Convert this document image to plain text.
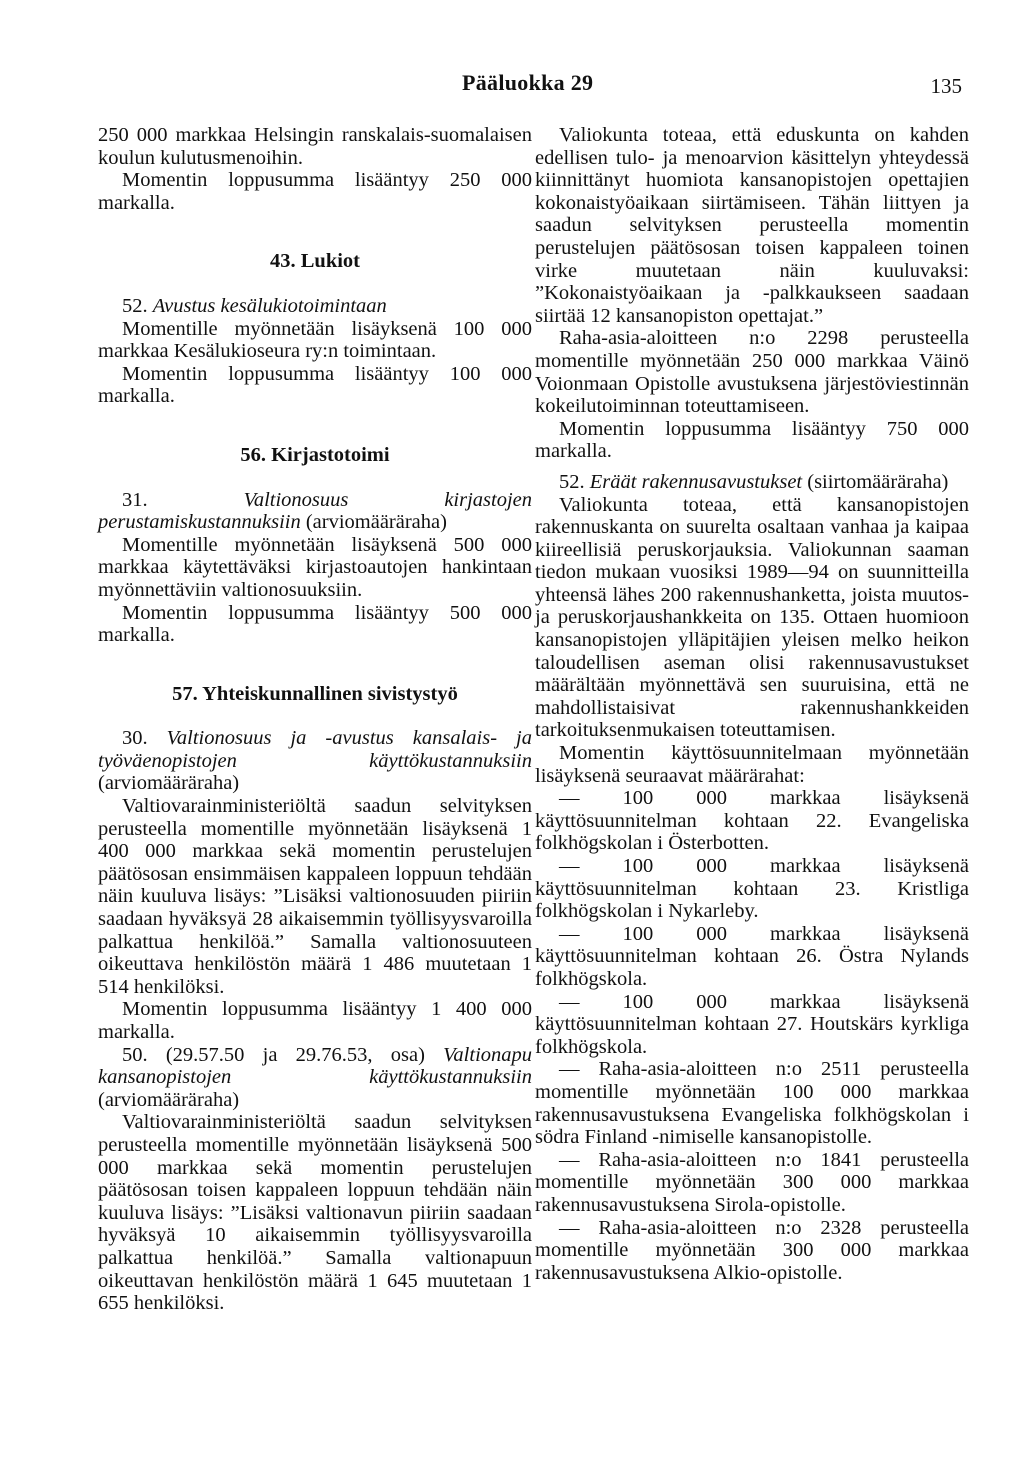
Pääluokka 29	135

250 000 markkaa Helsingin ranskalais-suomalaisen koulun kulutusmenoihin.

Momentin loppusumma lisääntyy 250 000 markalla.

43. Lukiot

52. Avustus kesälukiotoimintaan

Momentille myönnetään lisäyksenä 100 000 markkaa Kesälukioseura ry:n toimintaan.

Momentin loppusumma lisääntyy 100 000 markalla.

56. Kirjastotoimi

31.	Valtionosuus kirjastojen perustamiskustannuksiin (arviomääräraha)

Momentille myönnetään lisäyksenä 500 000 markkaa käytettäväksi kirjastoautojen hankintaan myönnettäviin valtionosuuksiin.

Momentin loppusumma lisääntyy 500 000 markalla.

57. Yhteiskunnallinen sivistystyö

30. Valtionosuus ja -avustus kansalais- ja työväenopistojen käyttökustannuksiin (arviomääräraha)

Valtiovarainministeriöltä saadun selvityksen perusteella momentille myönnetään lisäyksenä 1 400 000 markkaa sekä momentin perustelujen päätösosan ensimmäisen kappaleen loppuun tehdään näin kuuluva lisäys: ”Lisäksi valtionosuuden piiriin saadaan hyväksyä 28 aikaisemmin työllisyysvaroilla palkattua henkilöä.” Samalla valtionosuuteen oikeuttava henkilöstön määrä 1 486 muutetaan 1 514 henkilöksi.

Momentin loppusumma lisääntyy 1 400 000 markalla.

50. (29.57.50 ja 29.76.53, osa) Valtionapu kansanopistojen käyttökustannuksiin (arviomääräraha)

Valtiovarainministeriöltä saadun selvityksen perusteella momentille myönnetään lisäyksenä 500 000 markkaa sekä momentin perustelujen päätösosan toisen kappaleen loppuun tehdään näin kuuluva lisäys: ”Lisäksi valtionavun piiriin saadaan hyväksyä 10 aikaisemmin työllisyysvaroilla palkattua henkilöä.” Samalla valtionapuun oikeuttavan henkilöstön määrä 1 645 muutetaan 1 655 henkilöksi.

Valiokunta toteaa, että eduskunta on kahden edellisen tulo- ja menoarvion käsittelyn yhteydessä kiinnittänyt huomiota kansanopistojen opettajien kokonaistyöaikaan siirtämiseen. Tähän liittyen ja saadun selvityksen perusteella momentin perustelujen päätösosan toisen kappaleen toinen virke muutetaan näin kuuluvaksi: ”Kokonaistyöaikaan ja -palkkaukseen saadaan siirtää 12 kansanopiston opettajat.”

Raha-asia-aloitteen n:o 2298 perusteella momentille myönnetään 250 000 markkaa Väinö Voionmaan Opistolle avustuksena järjestöviestinnän kokeilutoiminnan toteuttamiseen.

Momentin loppusumma lisääntyy 750 000 markalla.

52. Eräät rakennusavustukset (siirtomääräraha)

Valiokunta toteaa, että kansanopistojen rakennuskanta on suurelta osaltaan vanhaa ja kaipaa kiireellisiä peruskorjauksia. Valiokunnan saaman tiedon mukaan vuosiksi 1989—94 on suunnitteilla yhteensä lähes 200 rakennushanketta, joista muutos- ja peruskorjaushankkeita on 135. Ottaen huomioon kansanopistojen ylläpitäjien yleisen melko heikon taloudellisen aseman olisi rakennusavustukset määrältään myönnettävä sen suuruisina, että ne mahdollistaisivat rakennushankkeiden tarkoituksenmukaisen toteuttamisen.

Momentin käyttösuunnitelmaan myönnetään lisäyksenä seuraavat määrärahat:

— 100 000 markkaa lisäyksenä käyttösuunnitelman kohtaan 22. Evangeliska folkhögskolan i Österbotten.

— 100 000 markkaa lisäyksenä käyttösuunnitelman kohtaan 23. Kristliga folkhögskolan i Nykarleby.

— 100 000 markkaa lisäyksenä käyttösuunnitelman kohtaan 26. Östra Nylands folkhögskola.

— 100 000 markkaa lisäyksenä käyttösuunnitelman kohtaan 27. Houtskärs kyrkliga folkhögskola.

— Raha-asia-aloitteen n:o 2511 perusteella momentille myönnetään 100 000 markkaa rakennusavustuksena Evangeliska folkhögskolan i södra Finland -nimiselle kansanopistolle.

— Raha-asia-aloitteen n:o 1841 perusteella momentille myönnetään 300 000 markkaa rakennusavustuksena Sirola-opistolle.

— Raha-asia-aloitteen n:o 2328 perusteella momentille myönnetään 300 000 markkaa rakennusavustuksena Alkio-opistolle.
